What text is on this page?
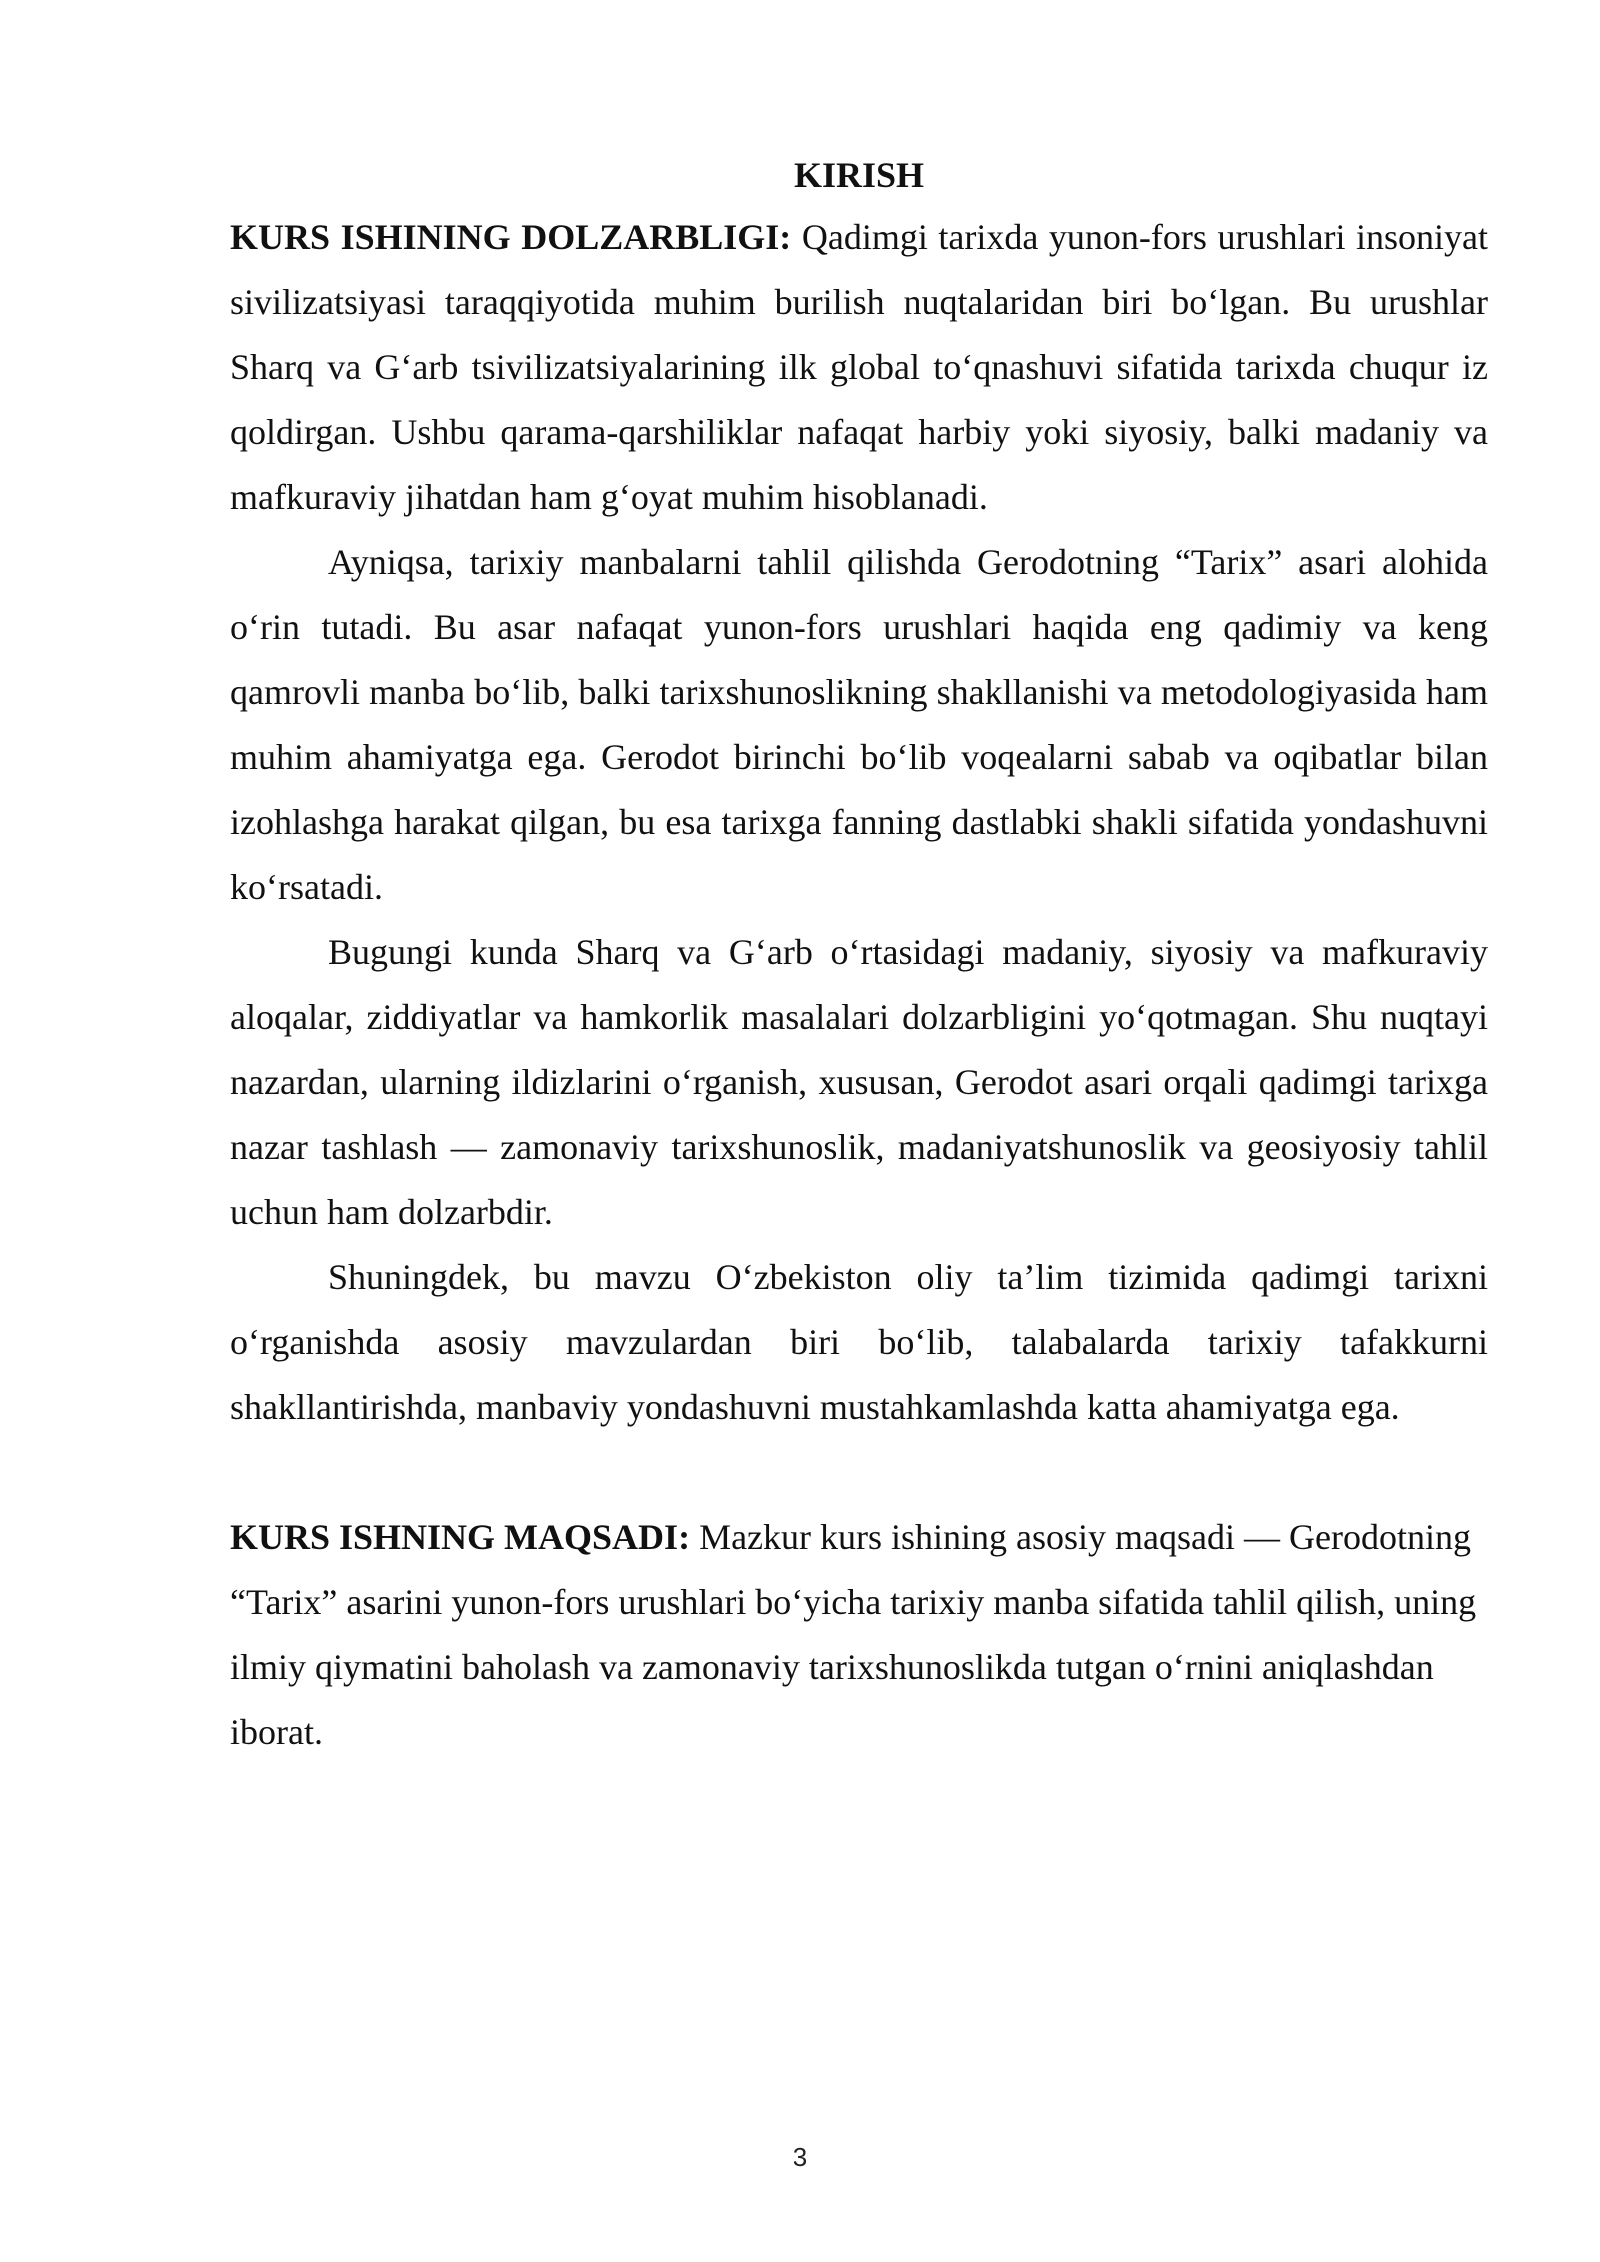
KIRISH

KURS ISHINING DOLZARBLIGI: Qadimgi tarixda yunon-fors urushlari insoniyat sivilizatsiyasi taraqqiyotida muhim burilish nuqtalaridan biri bo‘lgan. Bu urushlar Sharq va G‘arb tsivilizatsiyalarining ilk global to‘qnashuvi sifatida tarixda chuqur iz qoldirgan. Ushbu qarama-qarshiliklar nafaqat harbiy yoki siyosiy, balki madaniy va mafkuraviy jihatdan ham g‘oyat muhim hisoblanadi.

Ayniqsa, tarixiy manbalarni tahlil qilishda Gerodotning “Tarix” asari alohida o‘rin tutadi. Bu asar nafaqat yunon-fors urushlari haqida eng qadimiy va keng qamrovli manba bo‘lib, balki tarixshunoslikning shakllanishi va metodologiyasida ham muhim ahamiyatga ega. Gerodot birinchi bo‘lib voqealarni sabab va oqibatlar bilan izohlashga harakat qilgan, bu esa tarixga fanning dastlabki shakli sifatida yondashuvni ko‘rsatadi.

Bugungi kunda Sharq va G‘arb o‘rtasidagi madaniy, siyosiy va mafkuraviy aloqalar, ziddiyatlar va hamkorlik masalalari dolzarbligini yo‘qotmagan. Shu nuqtayi nazardan, ularning ildizlarini o‘rganish, xususan, Gerodot asari orqali qadimgi tarixga nazar tashlash — zamonaviy tarixshunoslik, madaniyatshunoslik va geosiyosiy tahlil uchun ham dolzarbdir.

Shuningdek, bu mavzu O‘zbekiston oliy ta’lim tizimida qadimgi tarixni o‘rganishda asosiy mavzulardan biri bo‘lib, talabalarda tarixiy tafakkurni shakllantirishda, manbaviy yondashuvni mustahkamlashda katta ahamiyatga ega.

KURS ISHNING MAQSADI: Mazkur kurs ishining asosiy maqsadi — Gerodotning “Tarix” asarini yunon-fors urushlari bo‘yicha tarixiy manba sifatida tahlil qilish, uning ilmiy qiymatini baholash va zamonaviy tarixshunoslikda tutgan o‘rnini aniqlashdan iborat.

3
